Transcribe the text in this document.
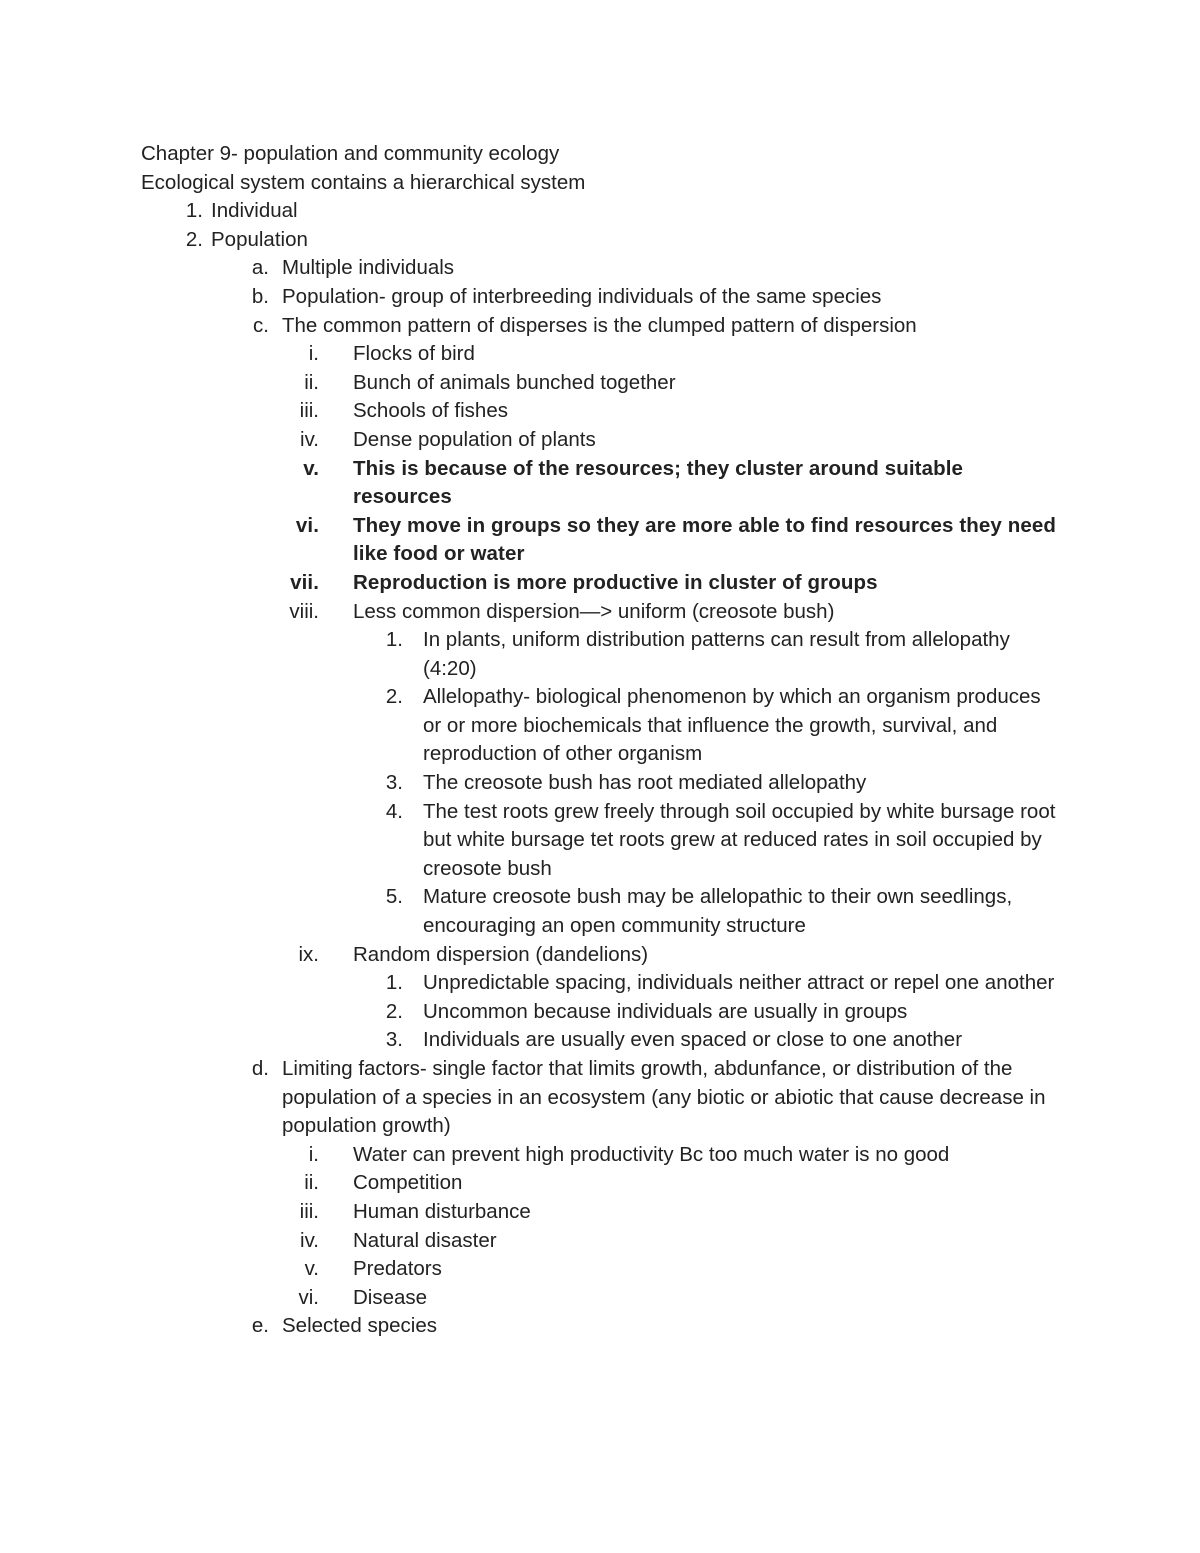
Chapter 9- population and community ecology

Ecological system contains a hierarchical system

1. Individual
2. Population
a. Multiple individuals
b. Population- group of interbreeding individuals of the same species
c. The common pattern of disperses is the clumped pattern of dispersion
i. Flocks of bird
ii. Bunch of animals bunched together
iii. Schools of fishes
iv. Dense population of plants
v. This is because of the resources; they cluster around suitable resources
vi. They move in groups so they are more able to find resources they need like food or water
vii. Reproduction is more productive in cluster of groups
viii. Less common dispersion—> uniform (creosote bush)
1. In plants, uniform distribution patterns can result from allelopathy (4:20)
2. Allelopathy- biological phenomenon by which an organism produces or or more biochemicals that influence the growth, survival, and reproduction of other organism
3. The creosote bush has root mediated allelopathy
4. The test roots grew freely through soil occupied by white bursage root but white bursage tet roots grew at reduced rates in soil occupied by creosote bush
5. Mature creosote bush may be allelopathic to their own seedlings, encouraging an open community structure
ix. Random dispersion (dandelions)
1. Unpredictable spacing, individuals neither attract or repel one another
2. Uncommon because individuals are usually in groups
3. Individuals are usually even spaced or close to one another
d. Limiting factors- single factor that limits growth, abdunfance, or distribution of the population of a species in an ecosystem (any biotic or abiotic that cause decrease in population growth)
i. Water can prevent high productivity Bc too much water is no good
ii. Competition
iii. Human disturbance
iv. Natural disaster
v. Predators
vi. Disease
e. Selected species
